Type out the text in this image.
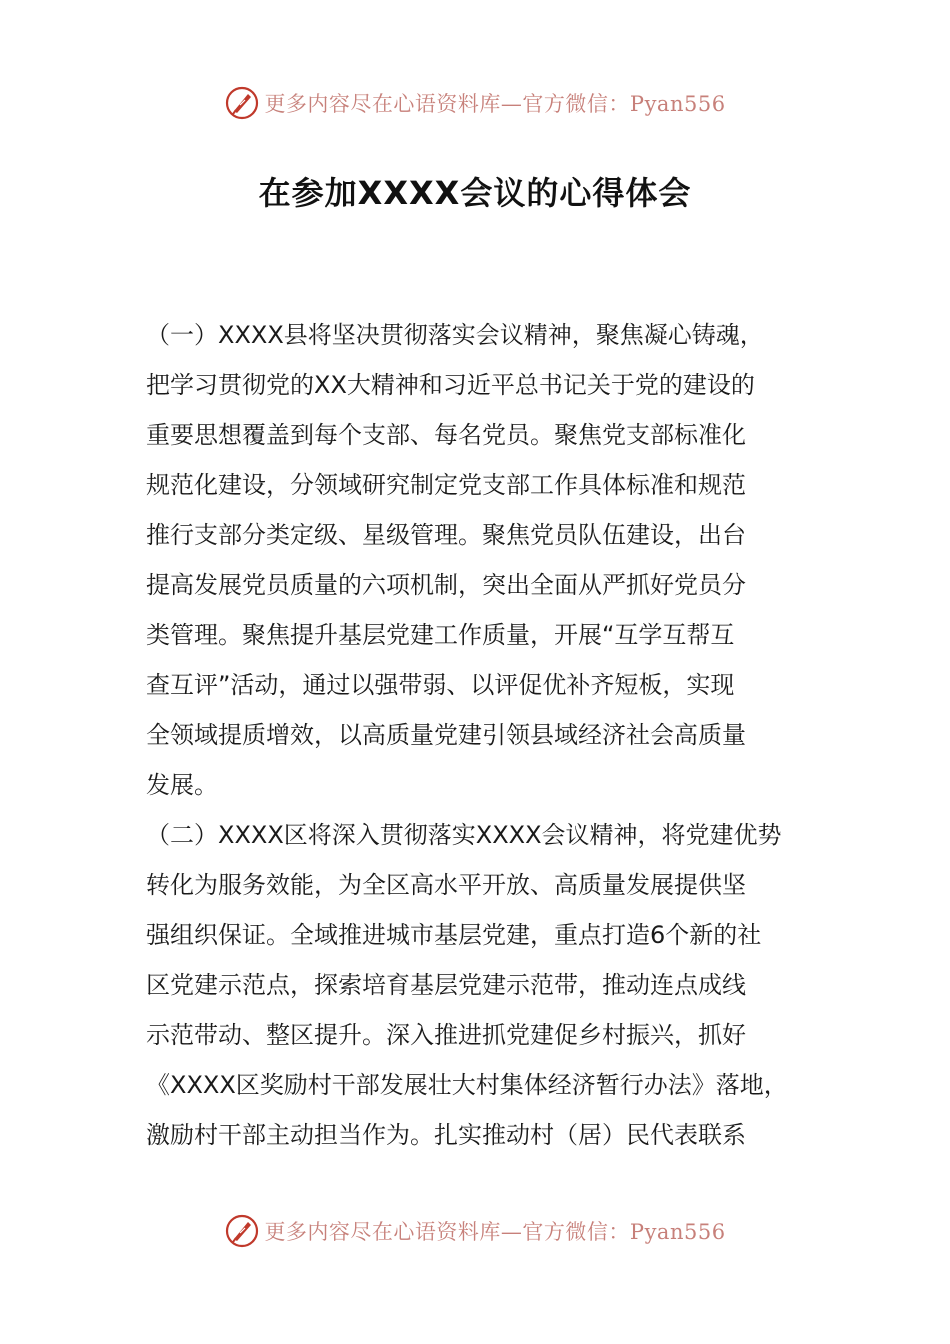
更多内容尽在心语资料库—官方微信：Pyan556
在参加XXXX会议的心得体会
（一）XXXX县将坚决贯彻落实会议精神，聚焦凝心铸魂，
把学习贯彻党的XX大精神和习近平总书记关于党的建设的
重要思想覆盖到每个支部、每名党员。聚焦党支部标准化
规范化建设，分领域研究制定党支部工作具体标准和规范
推行支部分类定级、星级管理。聚焦党员队伍建设，出台
提高发展党员质量的六项机制，突出全面从严抓好党员分
类管理。聚焦提升基层党建工作质量，开展“互学互帮互
查互评”活动，通过以强带弱、以评促优补齐短板，实现
全领域提质增效，以高质量党建引领县域经济社会高质量
发展。
（二）XXXX区将深入贯彻落实XXXX会议精神，将党建优势
转化为服务效能，为全区高水平开放、高质量发展提供坚
强组织保证。全域推进城市基层党建，重点打造6个新的社
区党建示范点，探索培育基层党建示范带，推动连点成线
示范带动、整区提升。深入推进抓党建促乡村振兴，抓好
《XXXX区奖励村干部发展壮大村集体经济暂行办法》落地，
激励村干部主动担当作为。扎实推动村（居）民代表联系
更多内容尽在心语资料库—官方微信：Pyan556
